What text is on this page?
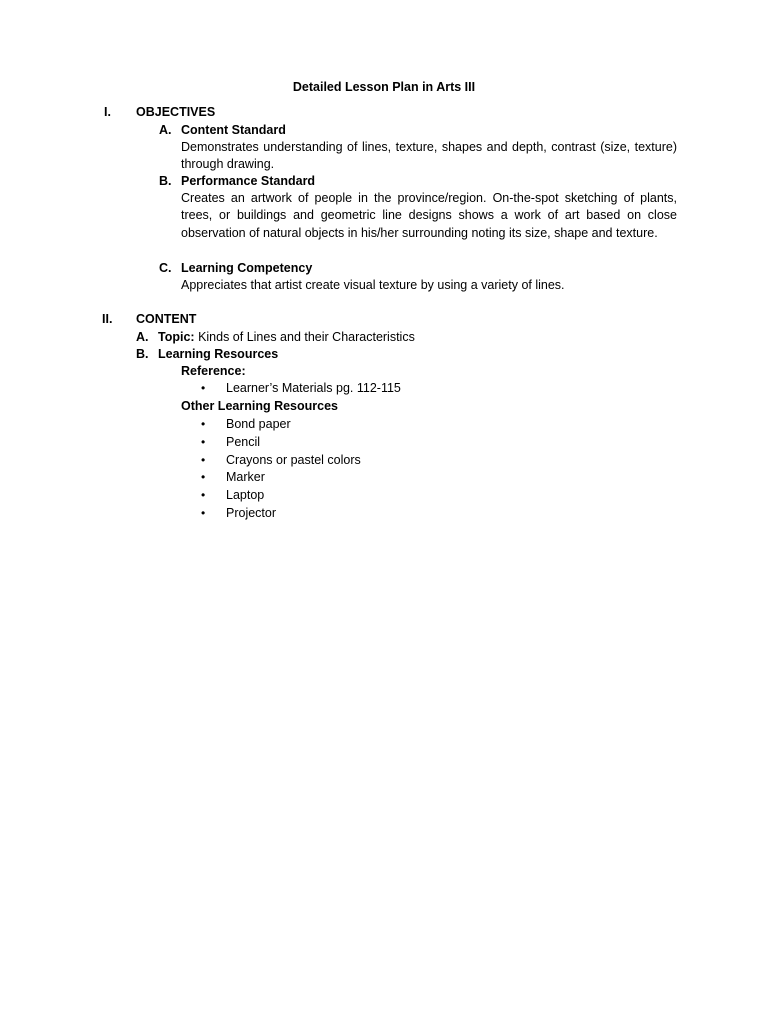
Detailed Lesson Plan in Arts III
I. OBJECTIVES
A. Content Standard
Demonstrates understanding of lines, texture, shapes and depth, contrast (size, texture) through drawing.
B. Performance Standard
Creates an artwork of people in the province/region. On-the-spot sketching of plants, trees, or buildings and geometric line designs shows a work of art based on close observation of natural objects in his/her surrounding noting its size, shape and texture.
C. Learning Competency
Appreciates that artist create visual texture by using a variety of lines.
II. CONTENT
A. Topic: Kinds of Lines and their Characteristics
B. Learning Resources
Reference:
• Learner’s Materials pg. 112-115
Other Learning Resources
• Bond paper
• Pencil
• Crayons or pastel colors
• Marker
• Laptop
• Projector
